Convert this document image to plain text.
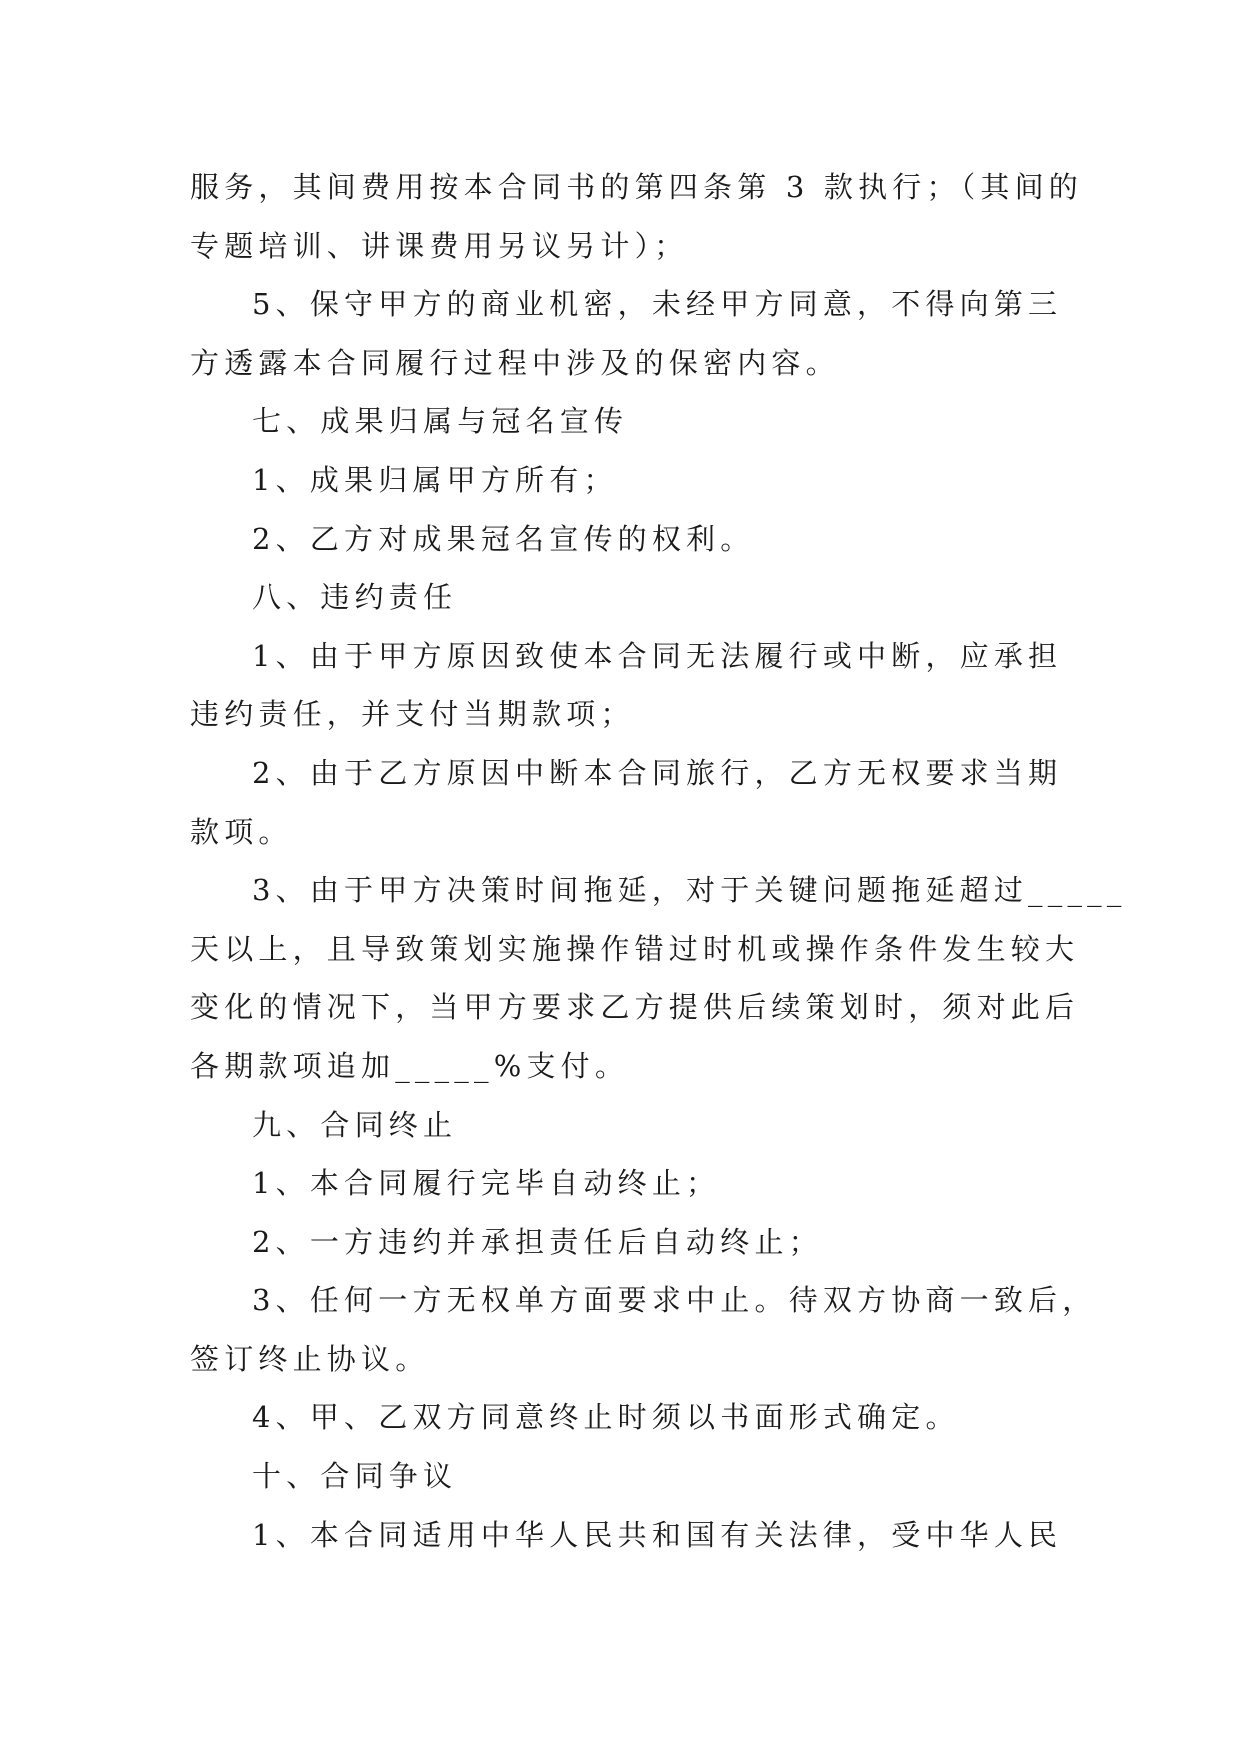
服务，其间费用按本合同书的第四条第 3 款执行；（其间的
专题培训、讲课费用另议另计）；
5、保守甲方的商业机密，未经甲方同意，不得向第三
方透露本合同履行过程中涉及的保密内容。
七、成果归属与冠名宣传
1、成果归属甲方所有；
2、乙方对成果冠名宣传的权利。
八、违约责任
1、由于甲方原因致使本合同无法履行或中断，应承担
违约责任，并支付当期款项；
2、由于乙方原因中断本合同旅行，乙方无权要求当期
款项。
3、由于甲方决策时间拖延，对于关键问题拖延超过_____
天以上，且导致策划实施操作错过时机或操作条件发生较大
变化的情况下，当甲方要求乙方提供后续策划时，须对此后
各期款项追加_____%支付。
九、合同终止
1、本合同履行完毕自动终止；
2、一方违约并承担责任后自动终止；
3、任何一方无权单方面要求中止。待双方协商一致后，
签订终止协议。
4、甲、乙双方同意终止时须以书面形式确定。
十、合同争议
1、本合同适用中华人民共和国有关法律，受中华人民
